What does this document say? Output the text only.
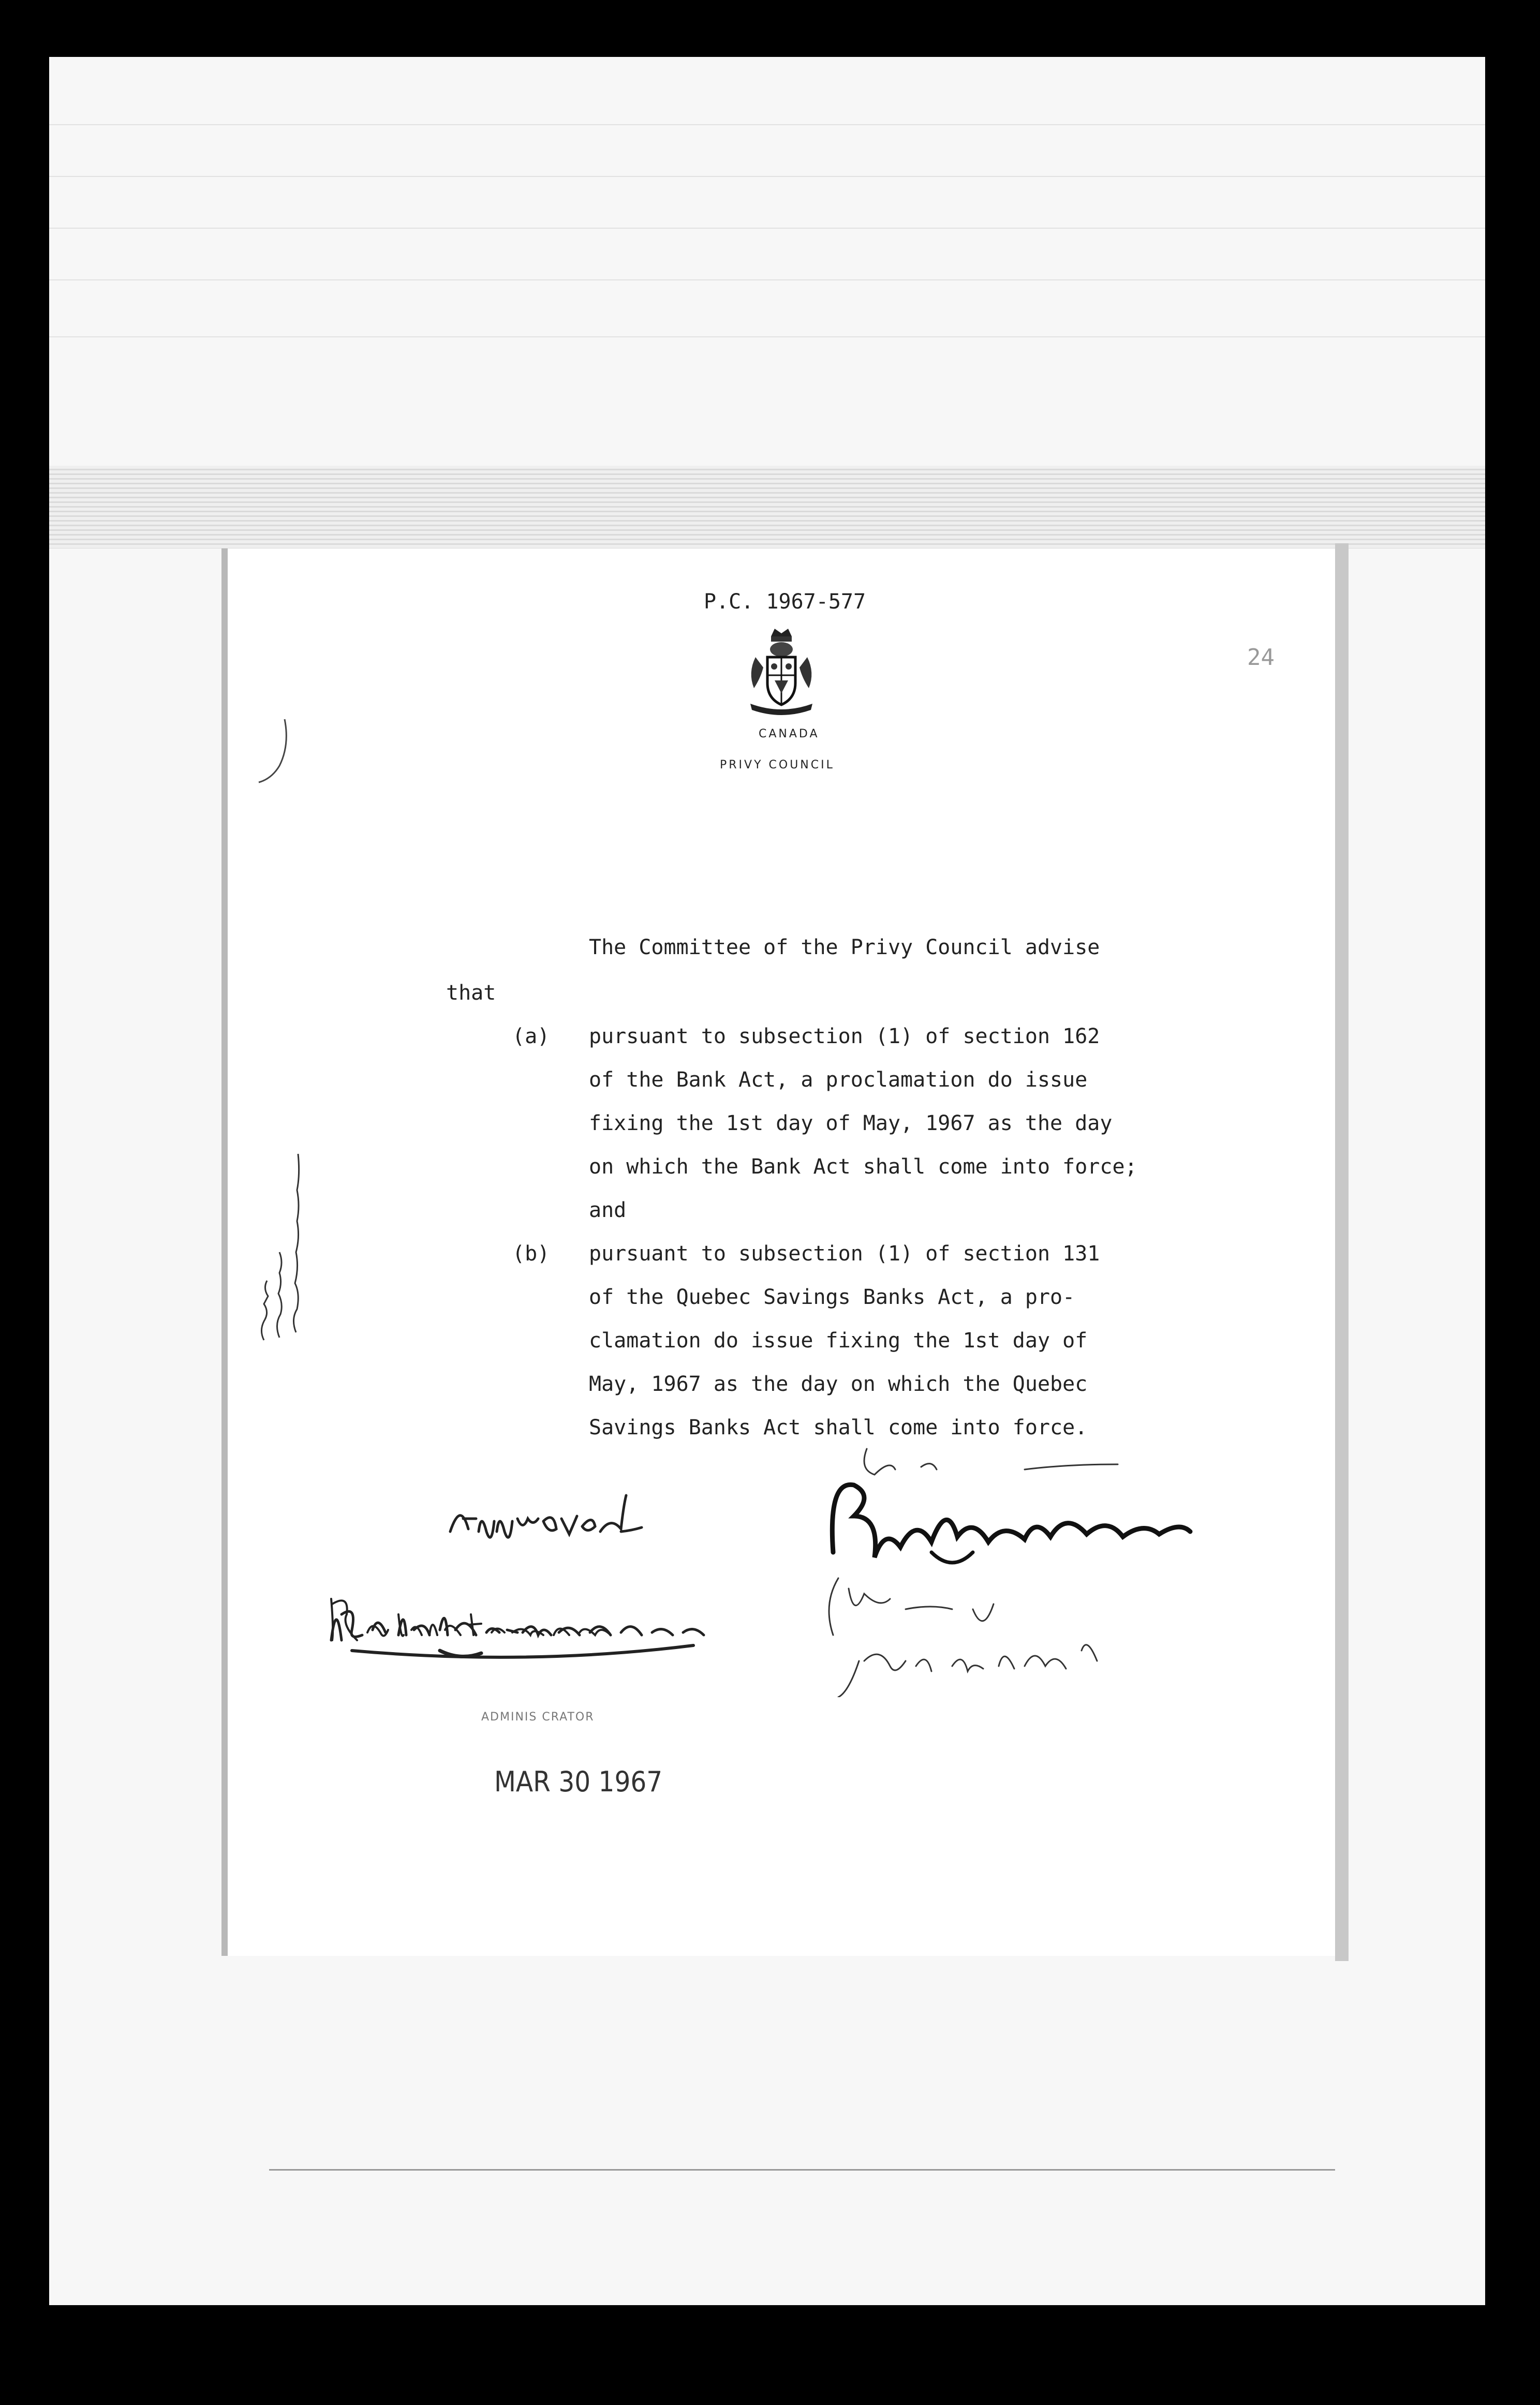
P.C. 1967-577
CANADA
PRIVY COUNCIL
24
The Committee of the Privy Council advise
that
(a) pursuant to subsection (1) of section 162
of the Bank Act, a proclamation do issue
fixing the 1st day of May, 1967 as the day
on which the Bank Act shall come into force;
and
(b) pursuant to subsection (1) of section 131
of the Quebec Savings Banks Act, a pro-
clamation do issue fixing the 1st day of
May, 1967 as the day on which the Quebec
Savings Banks Act shall come into force.
ADMINIS CRATOR
MAR 30 1967
